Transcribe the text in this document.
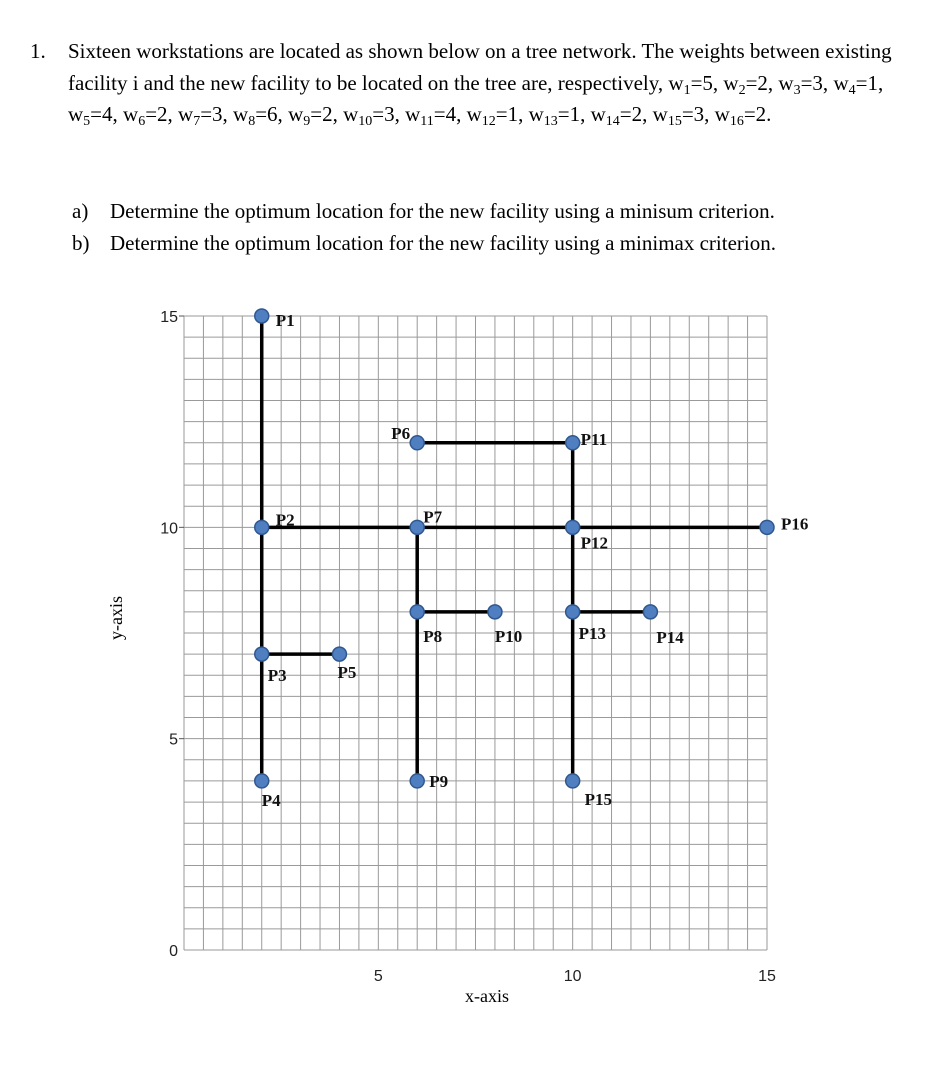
1. Sixteen workstations are located as shown below on a tree network. The weights between existing facility i and the new facility to be located on the tree are, respectively, $w_1=5$, $w_2=2$, $w_3=3$, $w_4=1$, $w_5=4$, $w_6=2$, $w_7=3$, $w_8=6$, $w_9=2$, $w_{10}=3$, $w_{11}=4$, $w_{12}=1$, $w_{13}=1$, $w_{14}=2$, $w_{15}=3$, $w_{16}=2$.
a) Determine the optimum location for the new facility using a minisum criterion.
b) Determine the optimum location for the new facility using a minimax criterion.
0
5
10
15
5	10	15
P1
P2
P3
P4
P5
P6
P7
P8
P9
P10
P11
P12
P13	P14
P15
P16
x-axis
y-axis
